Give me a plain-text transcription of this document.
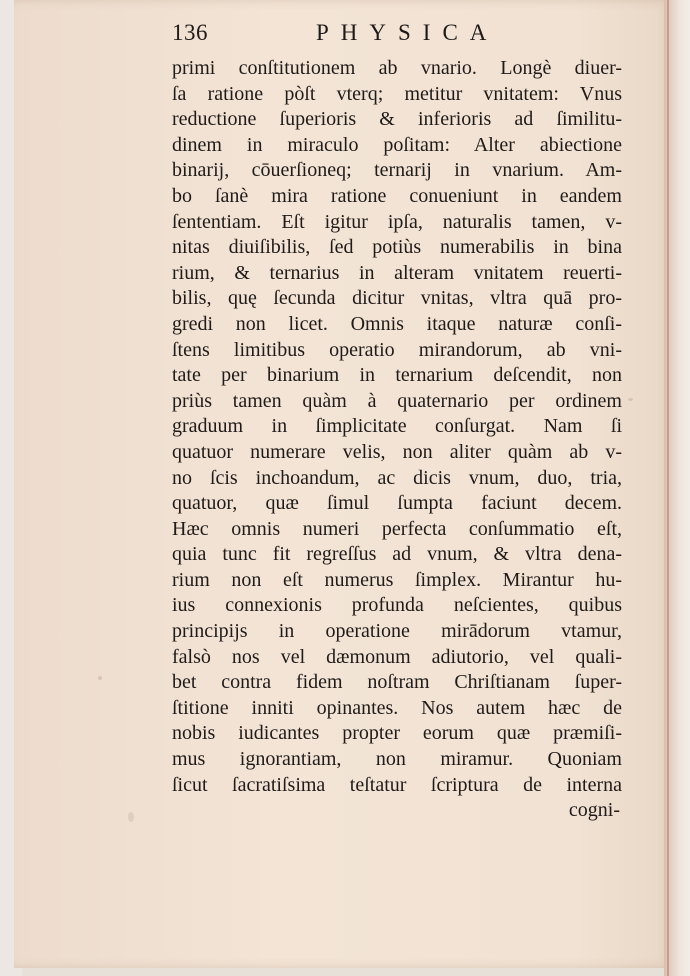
136	PHYSICA
primi conſtitutionem ab vnario. Longè diuer-
ſa ratione pòſt vterq; metitur vnitatem: Vnus
reductione ſuperioris & inferioris ad ſimilitu-
dinem in miraculo poſitam: Alter abiectione
binarij, cōuerſioneq; ternarij in vnarium. Am-
bo ſanè mira ratione conueniunt in eandem
ſententiam. Eſt igitur ipſa, naturalis tamen, v-
nitas diuiſibilis, ſed potiùs numerabilis in bina
rium, & ternarius in alteram vnitatem reuerti-
bilis, quę ſecunda dicitur vnitas, vltra quā pro-
gredi non licet. Omnis itaque naturæ conſi-
ſtens limitibus operatio mirandorum, ab vni-
tate per binarium in ternarium deſcendit, non
priùs tamen quàm à quaternario per ordinem
graduum in ſimplicitate conſurgat. Nam ſi
quatuor numerare velis, non aliter quàm ab v-
no ſcis inchoandum, ac dicis vnum, duo, tria,
quatuor, quæ ſimul ſumpta faciunt decem.
Hæc omnis numeri perfecta conſummatio eſt,
quia tunc fit regreſſus ad vnum, & vltra dena-
rium non eſt numerus ſimplex. Mirantur hu-
ius connexionis profunda neſcientes, quibus
principijs in operatione mirādorum vtamur,
falsò nos vel dæmonum adiutorio, vel quali-
bet contra fidem noſtram Chriſtianam ſuper-
ſtitione inniti opinantes. Nos autem hæc de
nobis iudicantes propter eorum quæ præmiſi-
mus ignorantiam, non miramur. Quoniam
ſicut ſacratiſsima teſtatur ſcriptura de interna
cogni-
